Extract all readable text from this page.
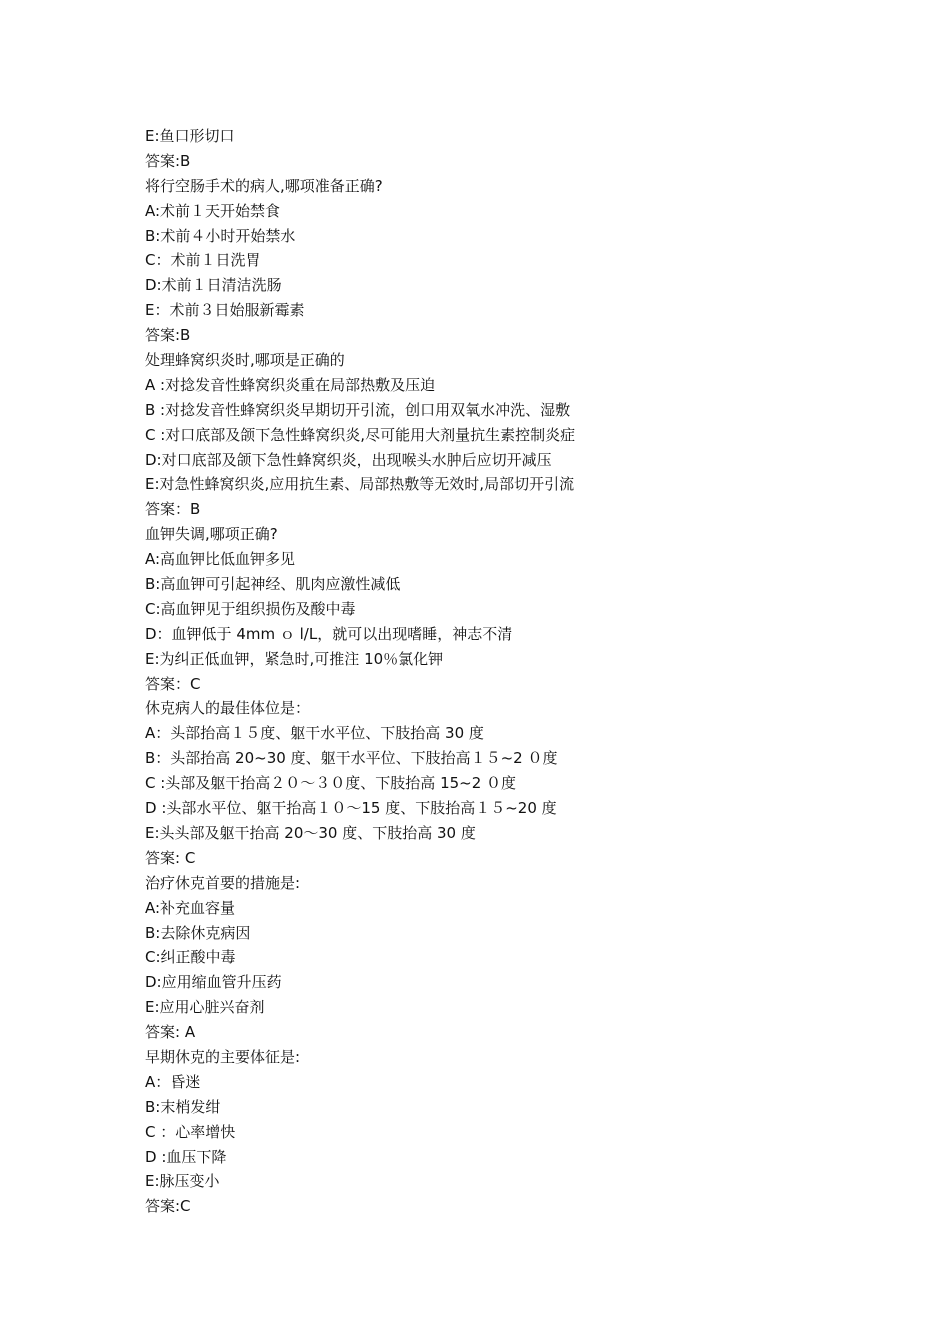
E:鱼口形切口
答案:B
将行空肠手术的病人,哪项准备正确?
A:术前１天开始禁食
B:术前４小时开始禁水
C：术前１日洗胃
D:术前１日清洁洗肠
E：术前３日始服新霉素
答案:B
处理蜂窝织炎时,哪项是正确的
A :对捻发音性蜂窝织炎重在局部热敷及压迫
B :对捻发音性蜂窝织炎早期切开引流，创口用双氧水冲洗、湿敷
C :对口底部及颌下急性蜂窝织炎,尽可能用大剂量抗生素控制炎症
D:对口底部及颌下急性蜂窝织炎，出现喉头水肿后应切开减压
E:对急性蜂窝织炎,应用抗生素、局部热敷等无效时,局部切开引流
答案：B
血钾失调,哪项正确?
A:高血钾比低血钾多见
B:高血钾可引起神经、肌肉应激性减低
C:高血钾见于组织损伤及酸中毒
D：血钾低于 4mm ｏ l/L，就可以出现嗜睡，神志不清
E:为纠正低血钾，紧急时,可推注 10％氯化钾
答案：C
休克病人的最佳体位是：
A：头部抬高１５度、躯干水平位、下肢抬高 30 度
B：头部抬高 20~30 度、躯干水平位、下肢抬高１５~2 ０度
C :头部及躯干抬高２０～３０度、下肢抬高 15~2 ０度
D :头部水平位、躯干抬高１０～15 度、下肢抬高１５~20 度
E:头头部及躯干抬高 20～30 度、下肢抬高 30 度
答案: C
治疗休克首要的措施是:
A:补充血容量
B:去除休克病因
C:纠正酸中毒
D:应用缩血管升压药
E:应用心脏兴奋剂
答案: A
早期休克的主要体征是:
A：昏迷
B:末梢发绀
C ：心率增快
D :血压下降
E:脉压变小
答案:C
